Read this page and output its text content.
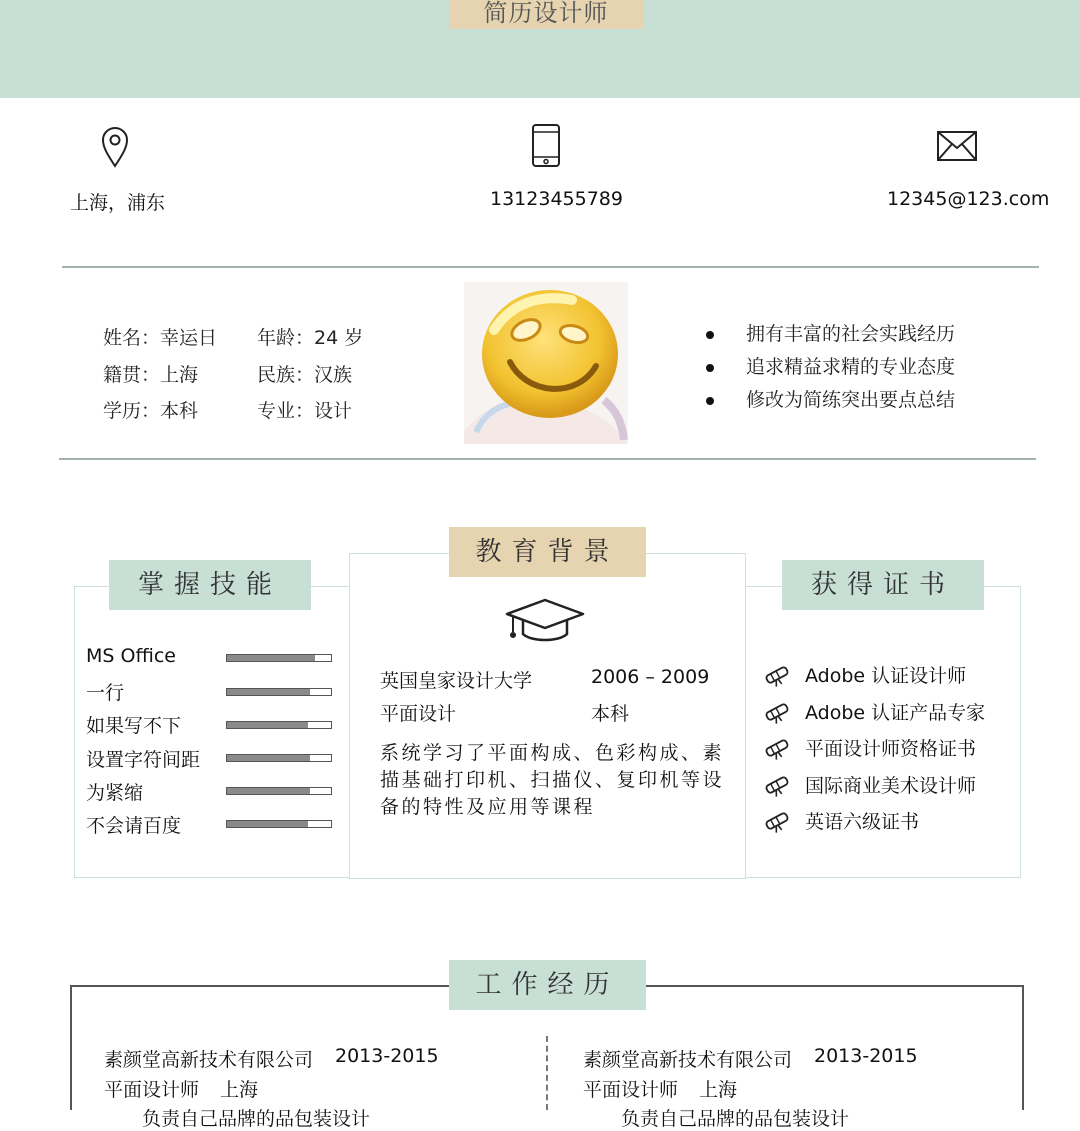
简历设计师
上海，浦东	13123455789	12345@123.com
姓名：幸运日 年龄：24 岁
籍贯：上海	民族：汉族
学历：本科	专业：设计
拥有丰富的社会实践经历
追求精益求精的专业态度
修改为简练突出要点总结
掌握技能
MS Office
一行
如果写不下
设置字符间距
为紧缩
不会请百度
教育背景
英国皇家设计大学	2006 – 2009
平面设计	本科
系统学习了平面构成、色彩构成、素描基础打印机、扫描仪、复印机等设备的特性及应用等课程
获得证书
Adobe 认证设计师
Adobe 认证产品专家
平面设计师资格证书
国际商业美术设计师
英语六级证书
工作经历
素颜堂高新技术有限公司 2013-2015
平面设计师 上海
负责自己品牌的品包装设计
素颜堂高新技术有限公司 2013-2015
平面设计师 上海
负责自己品牌的品包装设计
